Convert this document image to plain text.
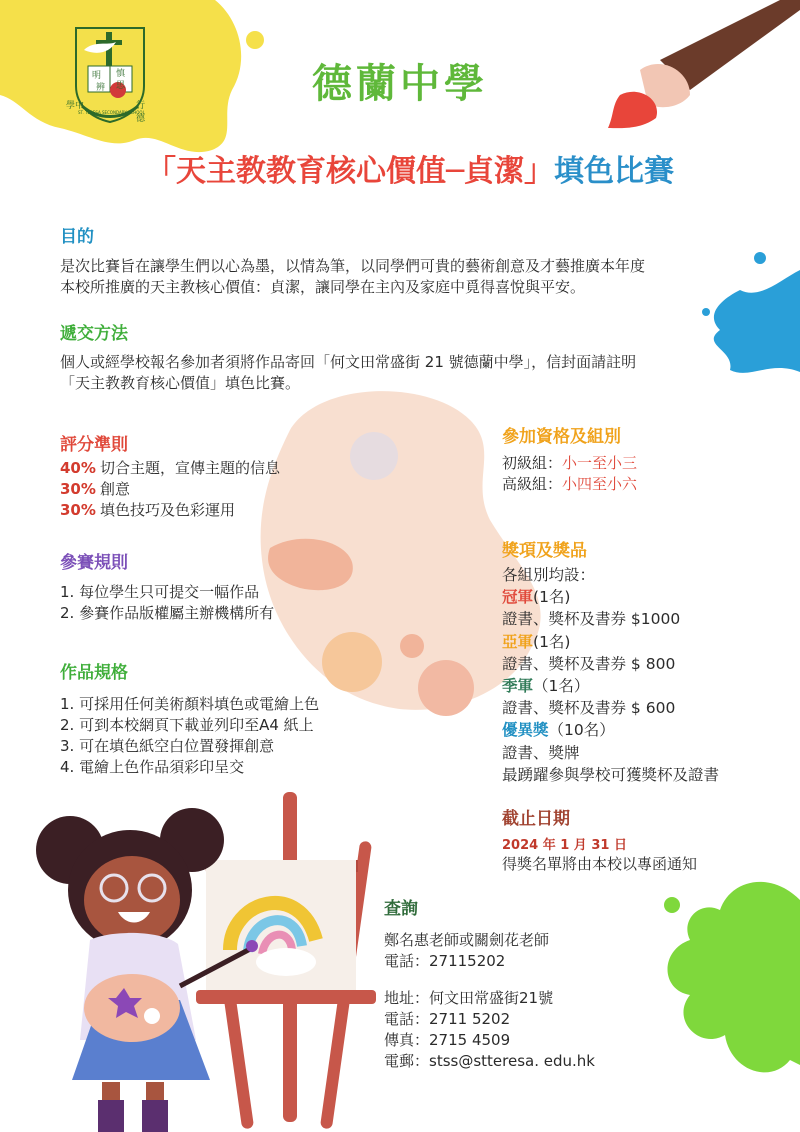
明
辨
慎
思
學中	行德
ST. TERESA SECONDARY SCHOOL
德蘭中學
「天主教教育核心價值─貞潔」填色比賽
目的
是次比賽旨在讓學生們以心為墨，以情為筆，以同學們可貴的藝術創意及才藝推廣本年度
本校所推廣的天主教核心價值：貞潔，讓同學在主內及家庭中覓得喜悅與平安。
遞交方法
個人或經學校報名參加者須將作品寄回「何文田常盛街 21 號德蘭中學」，信封面請註明
「天主教教育核心價值」填色比賽。
評分準則
40% 切合主題，宣傳主題的信息
30% 創意
30% 填色技巧及色彩運用
參賽規則
1. 每位學生只可提交一幅作品
2. 參賽作品版權屬主辦機構所有
作品規格
1. 可採用任何美術顏料填色或電繪上色
2. 可到本校網頁下載並列印至A4 紙上
3. 可在填色紙空白位置發揮創意
4. 電繪上色作品須彩印呈交
參加資格及組別
初級組：小一至小三
高級組：小四至小六
獎項及獎品
各組別均設：
冠軍(1名)
證書、獎杯及書券 $1000
亞軍(1名)
證書、獎杯及書券 $ 800
季軍（1名）
證書、獎杯及書券 $ 600
優異獎（10名）
證書、獎牌
最踴躍參與學校可獲獎杯及證書
截止日期
2024 年 1 月 31 日
得獎名單將由本校以專函通知
查詢
鄭名惠老師或關劍花老師
電話：27115202
地址：何文田常盛街21號
電話：2711 5202
傳真：2715 4509
電郵：stss@stteresa. edu.hk
